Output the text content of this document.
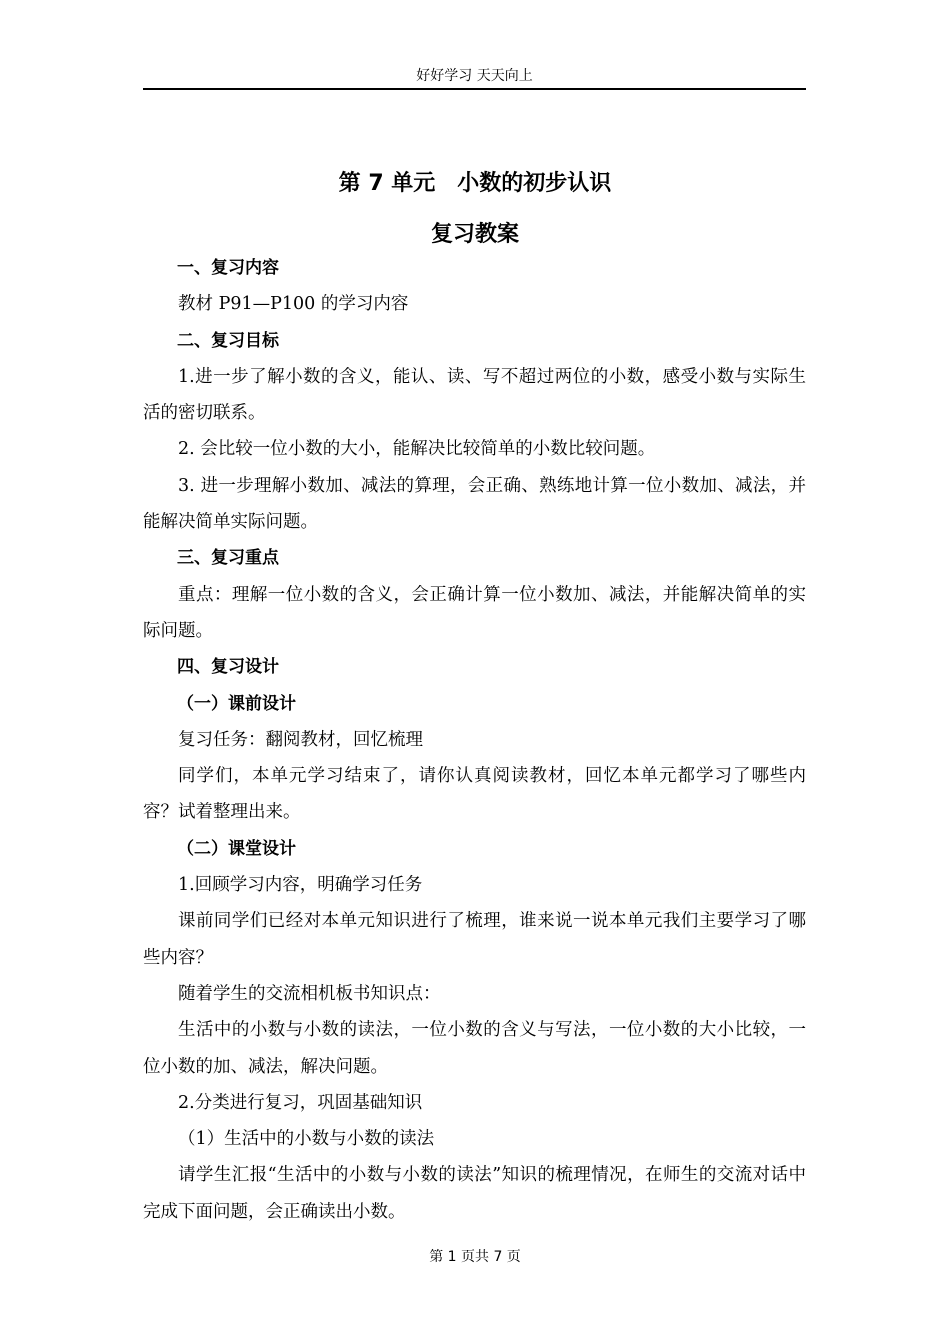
好好学习 天天向上
第 7 单元　小数的初步认识
复习教案

一、复习内容

教材 P91—P100 的学习内容

二、复习目标

1.进一步了解小数的含义，能认、读、写不超过两位的小数，感受小数与实际生活的密切联系。

2. 会比较一位小数的大小，能解决比较简单的小数比较问题。

3. 进一步理解小数加、减法的算理，会正确、熟练地计算一位小数加、减法，并能解决简单实际问题。

三、复习重点

重点：理解一位小数的含义，会正确计算一位小数加、减法，并能解决简单的实际问题。

四、复习设计

（一）课前设计

复习任务：翻阅教材，回忆梳理

同学们，本单元学习结束了，请你认真阅读教材，回忆本单元都学习了哪些内容？试着整理出来。

（二）课堂设计

1.回顾学习内容，明确学习任务

课前同学们已经对本单元知识进行了梳理，谁来说一说本单元我们主要学习了哪些内容？

随着学生的交流相机板书知识点：

生活中的小数与小数的读法，一位小数的含义与写法，一位小数的大小比较，一位小数的加、减法，解决问题。

2.分类进行复习，巩固基础知识

（1）生活中的小数与小数的读法

请学生汇报“生活中的小数与小数的读法”知识的梳理情况，在师生的交流对话中完成下面问题，会正确读出小数。

第 1 页共 7 页
